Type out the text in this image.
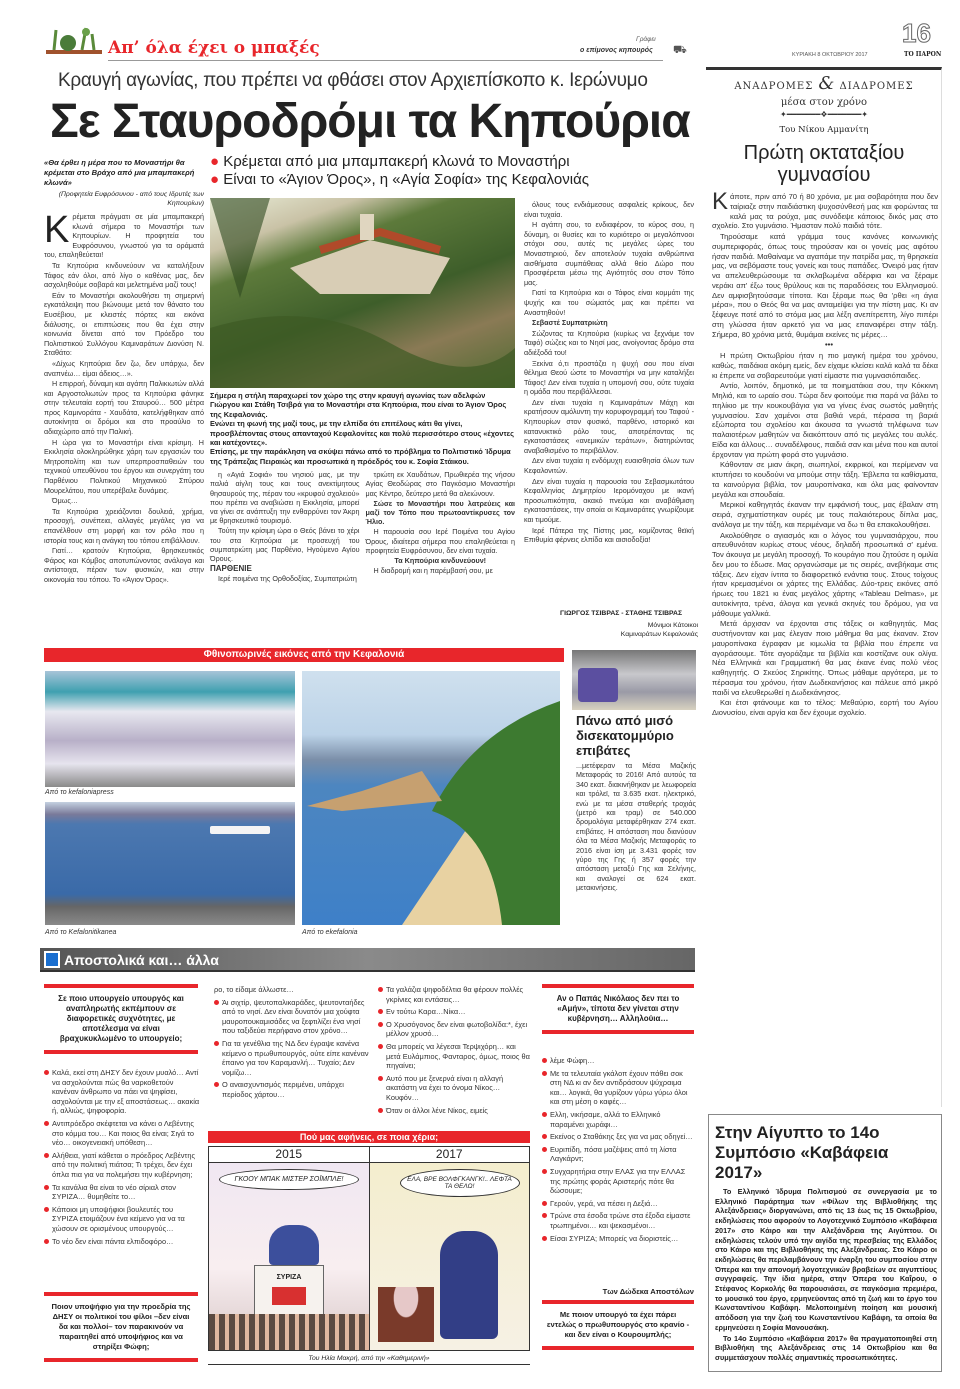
Απ’ όλα έχει ο μπαξές	Γράφει
ο επίμονος κηπουρός ⛟	ΚΥΡΙΑΚΗ 8 ΟΚΤΩΒΡΙΟΥ 2017
16
ΤΟ ΠΑΡΟΝ
Κραυγή αγωνίας, που πρέπει να φθάσει στον Αρχιεπίσκοπο κ. Ιερώνυμο
Σε Σταυροδρόμι τα Κηπούρια
● Κρέμεται από μια μπαμπακερή κλωνά το Μοναστήρι
● Είναι το «Άγιον Όρος», η «Αγία Σοφία» της Κεφαλονιάς
«Θα έρθει η μέρα που το Μοναστήρι θα κρέμεται στο Βράχο από μια μπαμπακερή κλωνά»
(Προφητεία Ευφρόσυνου - από τους Ιδρυτές των Κηπουρίων)
Κ ρέμεται πράγματι σε μία μπαμπακερή κλωνά σήμερα το Μοναστήρι των Κηπουρίων. Η προφητεία του Ευφρόσυνου, γνωστού για τα οράματά του, επαληθεύεται!

Τα Κηπούρια κινδυνεύουν να καταλήξουν Τάφος εάν όλοι, από λίγο ο καθένας μας, δεν ασχοληθούμε σοβαρά και μελετημένα μαζί τους!

Εάν το Μοναστήρι ακολουθήσει τη σημερινή εγκατάλειψη που βιώνουμε μετά τον θάνατο του Ευσέβιου, με κλειστές πόρτες και εικόνα διάλυσης, οι επιπτώσεις που θα έχει στην κοινωνία δίνεται από τον Πρόεδρο του Πολιτιστικού Συλλόγου Καμιναράτων Διονύση Ν. Σταθάτο:

«Δίχως Κηπούρια δεν ζω, δεν υπάρχω, δεν αναπνέω… είμαι άδειος…».

Η επιρροή, δύναμη και αγάπη Παλικιωτών αλλά και Αργοστολιωτών προς τα Κηπούρια φάνηκε στην τελευταία εορτή του Σταυρού… 500 μέτρα προς Καμινοράτα - Χαυδάτα, κατελήφθηκαν από αυτοκίνητα οι δρόμοι και στο προαύλιο το αδιαχώριτο από την Παλική.

Η ώρα για το Μοναστήρι είναι κρίσιμη. Η Εκκλησία ολοκληρώθηκε χάρη των εργασιών του Μητροπολίτη και των υπερπροσπαθειών του τεχνικού υπευθύνου του έργου και συνεργάτη του Παρθένιου Πολιτικού Μηχανικού Σπύρου Μουρελάτου, που υπερέβαλε δυνάμεις.

Όμως…

Τα Κηπούρια χρειάζονται δουλειά, χρήμα, προσοχή, συνέπεια, αλλαγές μεγάλες για να επανέλθουν στη μορφή και τον ρόλο που η ιστορία τους και η ανάγκη του τόπου επιβάλλουν.

Γιατί… κρατούν Κηπούρια, θρησκευτικός Φάρος και Κόμβος αποτυπώνοντας ανάλογα και αντίστοιχα, πέραν των φυσικών, και στην οικονομία του τόπου. Το «Άγιον Όρος».

Σήμερα η στήλη παραχωρεί τον χώρο της στην κραυγή αγωνίας των αδελφών Γιώργου και Στάθη Τσιβρά για το Μοναστήρι στα Κηπούρια, που είναι το Άγιον Όρος της Κεφαλονιάς.
Ενώνει τη φωνή της μαζί τους, με την ελπίδα ότι επιτέλους κάτι θα γίνει, προσβλέποντας στους απανταχού Κεφαλονίτες και πολύ περισσότερο στους «έχοντες και κατέχοντες».
Επίσης, με την παράκληση να σκύψει πάνω από το πρόβλημα το Πολιτιστικό Ίδρυμα της Τράπεζας Πειραιώς και προσωπικά η πρόεδρός του κ. Σοφία Στάικου.

η «Αγιά Σοφιά» του νησιού μας, με την παλιά αίγλη τους και τους ανεκτίμητους θησαυρούς της, πέραν του «κρυφού σχολειού» που πρέπει να αναβιώσει η Εκκλησία, μπορεί να γίνει σε ανάπτυξη την ενθαρρύνει τον Άκρη με θρησκευτικό τουρισμό.

Τούτη την κρίσιμη ώρα ο Θεός βάνει το χέρι του στα Κηπούρια με προσευχή του συμπατριώτη μας Παρθένιο, Ηγούμενο Αγίου Όρους.

ΠΑΡΘΕΝΙΕ

Ιερέ ποιμένα της Ορθοδοξίας, Συμπατριώτη

τριώτη εκ Χαυδάτων, Πρωθιερέα της νήσου Αγίας Θεοδώρας στο Παγκόσμιο Μοναστήρι μας Κέντρο, δεύτερο μετά θα αλειώνουν.

Σώσε το Μοναστήρι που λατρεύεις και μαζί τον Τόπο που πρωτοαντίκρυσες τον Ήλιο.

Η παρουσία σου Ιερέ Ποιμένα του Αγίου Όρους, ιδιαίτερα σήμερα που επαληθεύεται η προφητεία Ευφρόσυνου, δεν είναι τυχαία.

Τα Κηπούρια κινδυνεύουν!

Η διαδρομή και η παρέμβασή σου, με

όλους τους ενδιάμεσους ασφαλείς κρίκους, δεν είναι τυχαία.

Η αγάπη σου, το ενδιαφέρον, το κύρος σου, η δύναμη, οι θυσίες και το κυριότερο οι μεγαλόπνοοι στόχοι σου, αυτές τις μεγάλες ώρες του Μοναστηριού, δεν αποτελούν τυχαία ανθρώπινα αισθήματα συμπάθειας αλλά θείο Δώρο που Προσφέρεται μέσω της Αγιότητός σου στον Τόπο μας.

Γιατί τα Κηπούρια και ο Τάφος είναι κομμάτι της ψυχής και του σώματός μας και πρέπει να Αναστηθούν!

Σεβαστέ Συμπατριώτη

Σώζοντας τα Κηπούρια (κυρίως να ξεχνάμε τον Ταφό) σώζεις και το Νησί μας, ανοίγοντας δρόμο στα αδιέξοδά του!

Ξεκίνα ό,τι προστάζει η ψυχή σου που είναι θέλημα Θεού ώστε το Μοναστήρι να μην καταλήξει Τάφος! Δεν είναι τυχαία η υπομονή σου, ούτε τυχαία η ομάδα που περιβάλλεσαι.

Δεν είναι τυχαία η Καμιναράτων Μάχη και κρατήσουν αμόλυντη την κορυφογραμμή του Ταφού - Κηπουρίων στον φυσικό, παρθένο, ιστορικό και κατανυκτικό ρόλο τους, αποτρέποντας τις εγκαταστάσεις «ανεμικών τεράτων», διατηρώντας αναβαθισμένο το περιβάλλον.

Δεν είναι τυχαία η ενδόμυχη ευαισθησία όλων των Κεφαλονιτών.

Δεν είναι τυχαία η παρουσία του Σεβασμιωτάτου Κεφαλληνίας Δημητρίου Ιερομόναχου με ικανή προσωπικότητα, ακακό πνεύμα και αναβάθμιση εγκαταστάσεις, την οποία οι Καμιναράτες γνωρίζουμε και τιμούμε.

Ιερέ Πάτερα της Πίστης μας, κομίζοντας θεϊκή Επιθυμία φέρνεις ελπίδα και αισιοδοξία!

ΓΙΩΡΓΟΣ ΤΣΙΒΡΑΣ - ΣΤΑΘΗΣ ΤΣΙΒΡΑΣ
Μόνιμοι Κάτοικοι Καμιναράτων Κεφαλονιάς
Φθινοπωρινές εικόνες από την Κεφαλονιά
Από το kefaloniapress
Από το Kefalonitikanea	Από το ekefalonia
Πάνω από μισό δισεκατομμύριο επιβάτες
...μετέφεραν τα Μέσα Μαζικής Μεταφοράς το 2016! Από αυτούς τα 340 εκατ. διακινήθηκαν με λεωφορεία και τρόλεϊ, τα 3.635 εκατ. ηλεκτρικό, ενώ με τα μέσα σταθερής τροχιάς (μετρό και τραμ) σε 540.000 δρομολόγια μεταφέρθηκαν 274 εκατ. επιβάτες. Η απόσταση που διανύουν όλα τα Μέσα Μαζικής Μεταφοράς το 2016 είναι ίση με 3.431 φορές τον γύρο της Γης ή 357 φορές την απόσταση μεταξύ Γης και Σελήνης, και αναλογεί σε 624 εκατ. μετακινήσεις.
ΑΝΑΔΡΟΜΕΣ & ΔΙΑΔΡΟΜΕΣ
μέσα στον χρόνο
✦━━━━━━━❖━━━━━━━✦
Του Νίκου Αμμανίτη
Πρώτη οκταταξίου γυμνασίου
Κ άποτε, πριν από 70 ή 80 χρόνια, με μια σοβαρότητα που δεν ταίριαζε στην παιδιάστικη ψυχοσύνθεσή μας και φορώντας τα καλά μας τα ρούχα, μας συνόδεψε κάποιος δικός μας στο σχολείο. Στο γυμνάσιο. Ήμασταν πολύ παιδιά τότε.

Τηρούσαμε κατά γράμμα τους κανόνες κοινωνικής συμπεριφοράς, όπως τους τηρούσαν και οι γονείς μας αφότου ήσαν παιδιά. Μαθαίναμε να αγαπάμε την πατρίδα μας, τη θρησκεία μας, να σεβόμαστε τους γονείς και τους παπάδες. Όνειρό μας ήταν να απελευθερώσουμε τα σκλαβωμένα αδέρφια και να ξέραμε νεράκι απ' έξω τους θρύλους και τις παραδόσεις του Ελληνισμού. Δεν αμφισβητούσαμε τίποτα. Και ξέραμε πως θα 'ρθει «η άγια μέρα», που ο Θεός θα να μας ανταμείψει για την πίστη μας. Κι αν ξέφευγε ποτέ από το στόμα μας μια λέξη ανεπίτρεπτη, λίγο πιπέρι στη γλώσσα ήταν αρκετό για να μας επαναφέρει στην τάξη. Σήμερα, 80 χρόνια μετά, θυμάμαι εκείνες τις μέρες…

•••

Η πρώτη Οκτωβρίου ήταν η πιο μαγική ημέρα του χρόνου, καθώς, παιδάκια ακόμη εμείς, δεν είχαμε κλείσει καλά καλά τα δέκα κι έπρεπε να σοβαρευτούμε γιατί είμαστε πια γυμνασιόπαιδες.

Αντίο, λοιπόν, δημοτικό, με τα ποιηματάκια σου, την Κόκκινη Μηλιά, και το ωραίο σου. Τώρα δεν φοιτούμε πια παρά να βάλει το πηλίκιο με την κουκουβάγια για να γίνεις ένας σωστός μαθητής γυμνασίου. Σαν χαμένοι στα βαθιά νερά, πέρασα τη βαριά εξώπορτα του σχολείου και άκουσα τα γνωστά τηλέφωνα των παλαιοτέρων μαθητών να διακόπτουν από τις μεγάλες του αυλές. Είδα και άλλους… συναδέλφους, παιδιά σαν και μένα που και αυτοί έρχονταν για πρώτη φορά στο γυμνάσιο.

Κάθονταν σε μιαν άκρη, σιωπηλοί, εκφρικοί, και περίμεναν να κτυπήσει το κουδούνι να μπούμε στην τάξη. Έβλεπα τα καθίσματα, τα καινούργια βιβλία, τον μαυροπίνακα, και όλα μας φαίνονταν μεγάλα και σπουδαία.

Μερικοί καθηγητάς έκαναν την εμφάνισή τους, μας έβαλαν στη σειρά, σχηματίστηκαν ουρές με τους παλαιότερους δίπλα μας, ανάλογα με την τάξη, και περιμέναμε να δω τι θα επακολουθήσει.

Ακολούθησε ο αγιασμός και ο λόγος του γυμνασιάρχου, που απευθυνόταν κυρίως στους νέους, δηλαδή προσωπικά σ' εμένα. Τον άκουγα με μεγάλη προσοχή. Το κουράγιο που ζητούσε η ομιλία δεν μου το έδωσε. Μας οργανώσαμε με τις σειρές, ανεβήκαμε στις τάξεις. Δεν είχαν ίντιτα το διαφορετικό ενάντια τους. Στους τοίχους ήταν κρεμασμένοι οι χάρτες της Ελλάδας. Δύο-τρεις εικόνες από ήρωες του 1821 κι ένας μεγάλος χάρτης «Tableau Delmas», με αυτοκίνητα, τρένα, άλογα και γενικά σκηνές του δρόμου, για να μάθουμε γαλλικά.

Μετά άρχισαν να έρχονται στις τάξεις οι καθηγητάς. Μας συστήνονταν και μας έλεγαν ποιο μάθημα θα μας έκαναν. Στον μαυροπίνακα έγραφαν με κιμωλία τα βιβλία που έπρεπε να αγοράσουμε. Τότε αγοράζαμε τα βιβλία και κοστίζανε ουκ ολίγα. Νέα Ελληνικά και Γραμματική θα μας έκανε ένας πολύ νέος καθηγητής. Ο Σκεύος Σηρικίτης. Όπως μάθαμε αργότερα, με το πέρασμα του χρόνου, ήταν Δωδεκανήσιος και πάλευε από μικρό παιδί να ελευθερωθεί η Δωδεκάνησος.

Και έτσι φτάνουμε και το τέλος: Μεθαύριο, εορτή του Αγίου Διονυσίου, είναι αργία και δεν έχουμε σχολείο.

Στην Αίγυπτο το 14ο Συμπόσιο «Καβάφεια 2017»

Το Ελληνικό Ίδρυμα Πολιτισμού σε συνεργασία με το Ελληνικό Παράρτημα των «Φίλων της Βιβλιοθήκης της Αλεξάνδρειας» διοργανώνει, από τις 13 έως τις 15 Οκτωβρίου, εκδηλώσεις που αφορούν το Λογοτεχνικό Συμπόσιο «Καβάφεια 2017» στο Κάιρο και την Αλεξάνδρεια της Αιγύπτου. Οι εκδηλώσεις τελούν υπό την αιγίδα της πρεσβείας της Ελλάδος στο Κάιρο και της Βιβλιοθήκης της Αλεξάνδρειας. Στο Κάιρο οι εκδηλώσεις θα περιλαμβάνουν την έναρξη του συμποσίου στην Όπερα και την απονομή λογοτεχνικών βραβείων σε αιγυπτίους συγγραφείς. Την ίδια ημέρα, στην Όπερα του Καΐρου, ο Στέφανος Κορκολής θα παρουσιάσει, σε παγκόσμια πρεμιέρα, το μουσικό του έργο, ερμηνεύοντας από τη ζωή και το έργο του Κωνσταντίνου Καβάφη. Μελοποιημένη ποίηση και μουσική απόδοση για την ζωή του Κωνσταντίνου Καβάφη, τα οποία θα ερμηνεύσει η Σοφία Μανουσάκη.

Το 14ο Συμπόσιο «Καβάφεια 2017» θα πραγματοποιηθεί στη Βιβλιοθήκη της Αλεξάνδρειας στις 14 Οκτωβρίου και θα συμμετάσχουν πολλές σημαντικές προσωπικότητες.

Αποστολικά και… άλλα
Σε ποιο υπουργείο υπουργός και αναπληρωτής εκπέμπουν σε διαφορετικές συχνότητες, με αποτέλεσμα να είναι βραχυκυκλωμένο το υπουργείο;
Καλά, εκεί στη ΔΗΣΥ δεν έχουν μυαλό… Αντί να ασχολούνται πώς θα ναρκοθετούν κανέναν άνθρωπο να πάει να ψηφίσει, ασχολούνται με την εξ αποστάσεως… ακακία ή, αλλιώς, ψηφοφορία.
Αντιπρόεδρο σκέφτεται να κάνει ο Λεβέντης στο κόμμα του… Και ποιος θα είναι; Σιγά το νέο… οικογενειακή υπόθεση…
Αλήθεια, γιατί κάθεται ο πρόεδρος Λεβέντης από την πολιτική πιάτσα; Τι τρέχει, δεν έχει όπλα πια για να πολεμήσει την κυβέρνηση;
Τα κανάλια θα είναι το νέο σίριαλ στον ΣΥΡΙΖΑ… θυμηθείτε το…
Κάποιοι μη υποψήφιοι βουλευτές του ΣΥΡΙΖΑ ετοιμάζουν ένα κείμενο για να τα χώσουν σε ορισμένους υπουργούς…
Το νέο δεν είναι πάντα ελπιδοφόρο…
Ποιον υποψήφιο για την προεδρία της ΔΗΣΥ οι πολιτικοί του φίλοι –δεν είναι δα και πολλοί– τον παρακινούν να παραιτηθεί από υποψήφιος και να στηρίξει Φώφη;
ρο, το είδαμε άλλωστε…
Άι σιχτίρ, ψευτοπαλικαράδες, ψευτονταήδες από το νησί. Δεν είναι δυνατόν μια χούφτα μαυροπουκαμισάδες να ξεφτιλίζει ένα νησί που ταξιδεύει περήφανο στον χρόνο…
Για τα γενέθλια της ΝΔ δεν έγραψε κανένα κείμενο ο πρωθυπουργός, ούτε είπε κανέναν έπαινο για τον Καραμανλή… Τυχαίο; Δεν νομίζω…
Ο αναισχυντισμός περιμένει, υπάρχει περίοδος χάρτου…
Τα γαλάζια ψηφοδέλτια θα φέρουν πολλές γκρίνιες και εντάσεις…
Εν τούτω Καρα…Νίκα…
Ο Χρυσόγονος δεν είναι φωτοβολίδα:*, έχει μέλλον χρυσό…
Θα μπορείς να λέγεσαι Τερψιχόρη… και μετά Ευλάμπιος, Φανταρος, όμως, ποιος θα πηγαίνει;
Αυτό που με ξενερνά είναι η αλλαγή ακατάστη να έχει το όνομα Νίκος… Κουφόν…
Όταν οι άλλοι λένε Νίκος, ειμείς
Αν ο Παπάς Νικόλαος δεν πει το «Αμήν», τίποτα δεν γίνεται στην κυβέρνηση… Αλληλούια…
λέμε Φώφη…
Με τα τελευταία γκάλοπ έχουν πάθει σοκ στη ΝΔ κι αν δεν αντιδράσουν ψύχραιμα και… λογικά, θα γυρίζουν γύρω γύρω όλοι και στη μέση ο καφές…
Ελλη, νικήσαμε, αλλά το Ελληνικό παραμένει χωράφι…
Εκείνος ο Σταθάκης ξες για να μας οδηγεί…
Ευριπίδη, πόσα μαζέψεις από τη λίστα Λαγκάρντ;
Συγχαρητήρια στην ΕΛΑΣ για την ΕΛΛΑΣ της πρώτης φοράς Αριστερής πότε θα δώσουμε;
Γερούν, γερά, να πέσει η Δεξιά…
Τρώνε στα έσοδα τρώνε στα έξοδα είμαστε τρωπημένοι… και ψεκασμένοι…
Είσαι ΣΥΡΙΖΑ; Μπορείς να διοριστείς…
Των Δώδεκα Αποστόλων
Με ποιον υπουργό τα έχει πάρει εντελώς ο πρωθυπουργός στο κρανίο - και δεν είναι ο Κουρουμπλής;
Πού μας αφήνεις, σε ποια χέρια;
2015
ΓΚΟΟΥ ΜΠΑΚ ΜΙΣΤΕΡ ΣΟΪΜΠΛΕ!
ΣΥΡΙΖΑ
2017
ΕΛΑ, ΒΡΕ ΒΟΛΦΓΚΑΝΓΚ!.. ΛΕΦΤΑ ΤΑ ΘΕΛΩ!
Του Ηλία Μακρή, από την «Καθημερινή»
